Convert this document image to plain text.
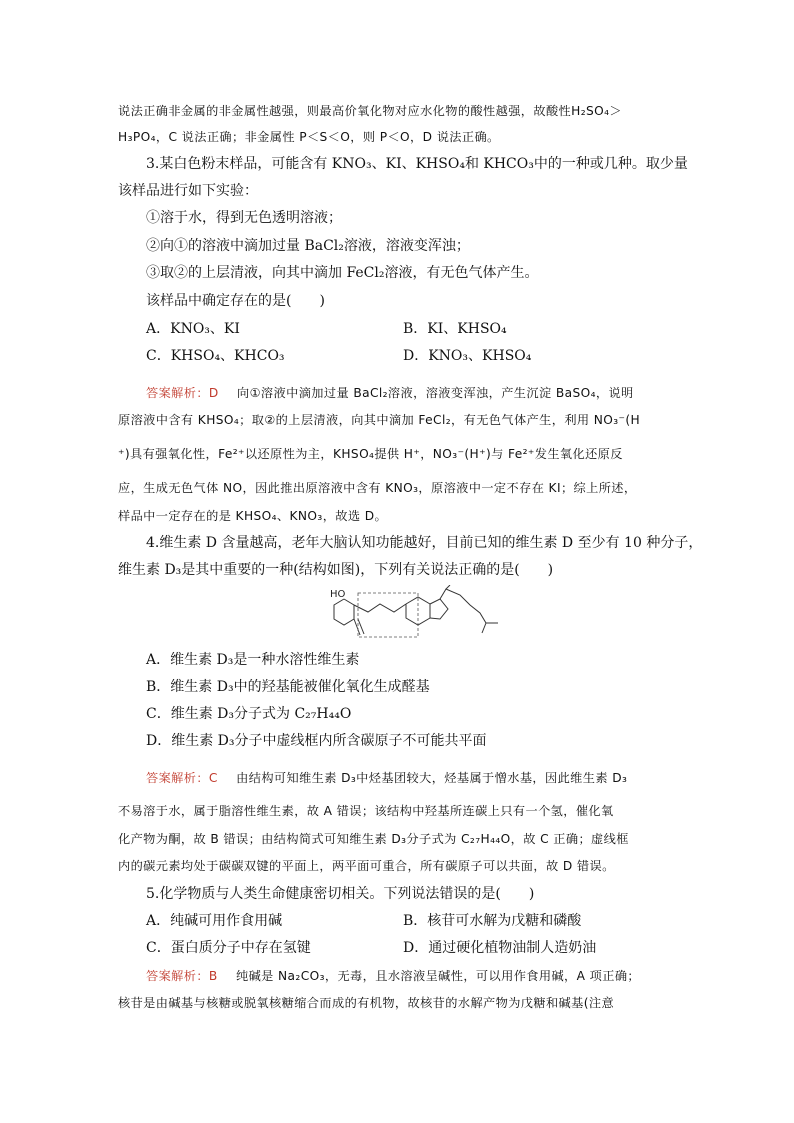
说法正确非金属的非金属性越强，则最高价氧化物对应水化物的酸性越强，故酸性H₂SO₄＞
H₃PO₄，C 说法正确；非金属性 P＜S＜O，则 P＜O，D 说法正确。
3.某白色粉末样品，可能含有 KNO₃、KI、KHSO₄和 KHCO₃中的一种或几种。取少量
该样品进行如下实验：
①溶于水，得到无色透明溶液；
②向①的溶液中滴加过量 BaCl₂溶液，溶液变浑浊；
③取②的上层清液，向其中滴加 FeCl₂溶液，有无色气体产生。
该样品中确定存在的是(　　)
A．KNO₃、KI	B．KI、KHSO₄
C．KHSO₄、KHCO₃	D．KNO₃、KHSO₄
答案解析：D 向①溶液中滴加过量 BaCl₂溶液，溶液变浑浊，产生沉淀 BaSO₄，说明
原溶液中含有 KHSO₄；取②的上层清液，向其中滴加 FeCl₂，有无色气体产生，利用 NO₃⁻(H
⁺)具有强氧化性，Fe²⁺以还原性为主，KHSO₄提供 H⁺，NO₃⁻(H⁺)与 Fe²⁺发生氧化还原反
应，生成无色气体 NO，因此推出原溶液中含有 KNO₃，原溶液中一定不存在 KI；综上所述，
样品中一定存在的是 KHSO₄、KNO₃，故选 D。
4.维生素 D 含量越高，老年大脑认知功能越好，目前已知的维生素 D 至少有 10 种分子，
维生素 D₃是其中重要的一种(结构如图)，下列有关说法正确的是(　　)
HO
A．维生素 D₃是一种水溶性维生素
B．维生素 D₃中的羟基能被催化氧化生成醛基
C．维生素 D₃分子式为 C₂₇H₄₄O
D．维生素 D₃分子中虚线框内所含碳原子不可能共平面
答案解析：C 由结构可知维生素 D₃中烃基团较大，烃基属于憎水基，因此维生素 D₃
不易溶于水，属于脂溶性维生素，故 A 错误；该结构中羟基所连碳上只有一个氢，催化氧
化产物为酮，故 B 错误；由结构简式可知维生素 D₃分子式为 C₂₇H₄₄O，故 C 正确；虚线框
内的碳元素均处于碳碳双键的平面上，两平面可重合，所有碳原子可以共面，故 D 错误。
5.化学物质与人类生命健康密切相关。下列说法错误的是(　　)
A．纯碱可用作食用碱	B．核苷可水解为戊糖和磷酸
C．蛋白质分子中存在氢键	D．通过硬化植物油制人造奶油
答案解析：B 纯碱是 Na₂CO₃，无毒，且水溶液呈碱性，可以用作食用碱，A 项正确；
核苷是由碱基与核糖或脱氧核糖缩合而成的有机物，故核苷的水解产物为戊糖和碱基(注意
